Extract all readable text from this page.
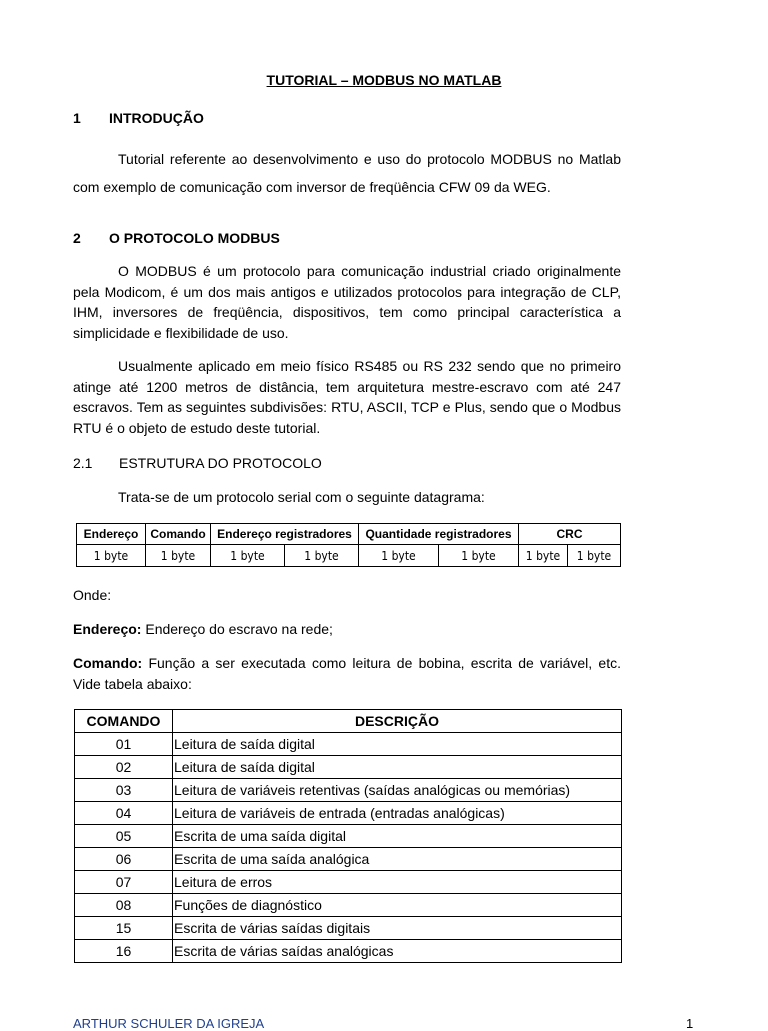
TUTORIAL – MODBUS NO MATLAB
1 INTRODUÇÃO
Tutorial referente ao desenvolvimento e uso do protocolo MODBUS no Matlab com exemplo de comunicação com inversor de freqüência CFW 09 da WEG.
2 O PROTOCOLO MODBUS
O MODBUS é um protocolo para comunicação industrial criado originalmente pela Modicom, é um dos mais antigos e utilizados protocolos para integração de CLP, IHM, inversores de freqüência, dispositivos, tem como principal característica a simplicidade e flexibilidade de uso.
Usualmente aplicado em meio físico RS485 ou RS 232 sendo que no primeiro atinge até 1200 metros de distância, tem arquitetura mestre-escravo com até 247 escravos. Tem as seguintes subdivisões: RTU, ASCII, TCP e Plus, sendo que o Modbus RTU é o objeto de estudo deste tutorial.
2.1 ESTRUTURA DO PROTOCOLO
Trata-se de um protocolo serial com o seguinte datagrama:
Endereço	Comando	Endereço registradores		Quantidade registradores		CRC	
1 byte	1 byte	1 byte	1 byte	1 byte	1 byte	1 byte	1 byte
Onde:
Endereço: Endereço do escravo na rede;
Comando: Função a ser executada como leitura de bobina, escrita de variável, etc. Vide tabela abaixo:
COMANDO	DESCRIÇÃO
01	Leitura de saída digital
02	Leitura de saída digital
03	Leitura de variáveis retentivas (saídas analógicas ou memórias)
04	Leitura de variáveis de entrada (entradas analógicas)
05	Escrita de uma saída digital
06	Escrita de uma saída analógica
07	Leitura de erros
08	Funções de diagnóstico
15	Escrita de várias saídas digitais
16	Escrita de várias saídas analógicas
ARTHUR SCHULER DA IGREJA	1
